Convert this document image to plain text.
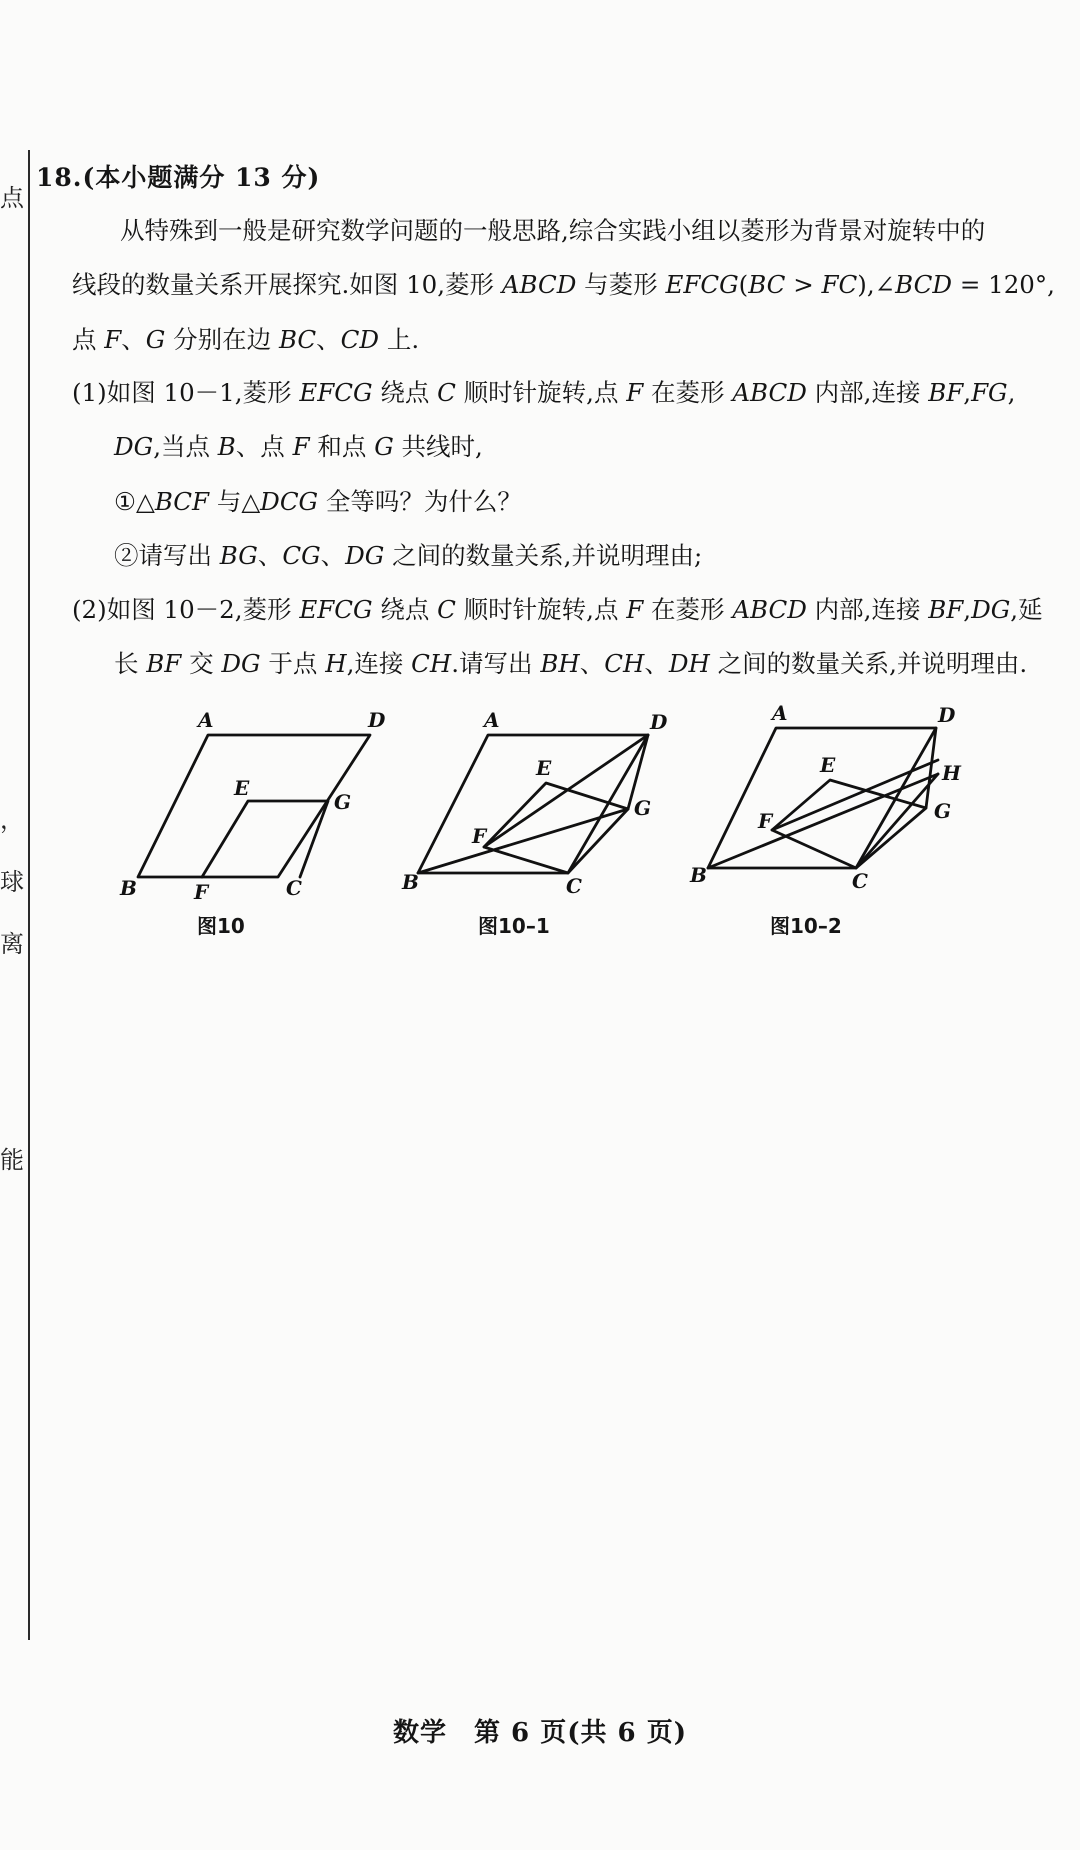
点
，
球
离
能
18.(本小题满分 13 分)
从特殊到一般是研究数学问题的一般思路,综合实践小组以菱形为背景对旋转中的
线段的数量关系开展探究.如图 10,菱形 ABCD 与菱形 EFCG(BC > FC),∠BCD = 120°,
点 F、G 分别在边 BC、CD 上.
(1)如图 10－1,菱形 EFCG 绕点 C 顺时针旋转,点 F 在菱形 ABCD 内部,连接 BF,FG,
DG,当点 B、点 F 和点 G 共线时,
①△BCF 与△DCG 全等吗？为什么？
②请写出 BG、CG、DG 之间的数量关系,并说明理由;
(2)如图 10－2,菱形 EFCG 绕点 C 顺时针旋转,点 F 在菱形 ABCD 内部,连接 BF,DG,延
长 BF 交 DG 于点 H,连接 CH.请写出 BH、CH、DH 之间的数量关系,并说明理由.
A	D
E
G
B	F	C
图10
A	D
E
G
F
B	C
图10–1
A	D
H
E
G
F
B	C
图10–2
数学　第 6 页(共 6 页)
